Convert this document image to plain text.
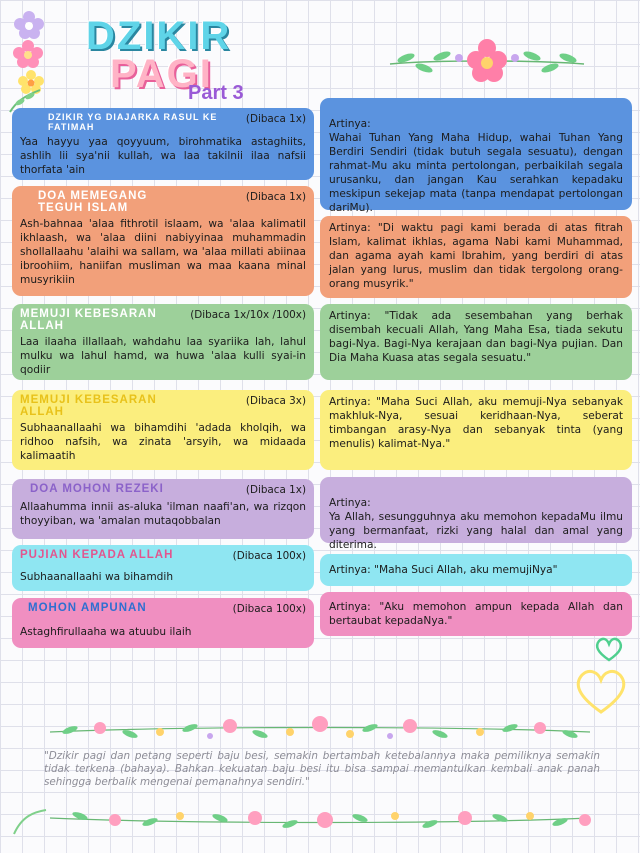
DZIKIR
PAGI
Part 3
DZIKIR YG DIAJARKA RASUL KE FATIMAH
(Dibaca 1x)
Yaa hayyu yaa qoyyuum, birohmatika astaghiits, ashlih lii sya'nii kullah, wa laa takilnii ilaa nafsii thorfata 'ain
DOA MEMEGANG TEGUH ISLAM
(Dibaca 1x)
Ash-bahnaa 'alaa fithrotil islaam, wa 'alaa kalimatil ikhlaash, wa 'alaa diini nabiyyinaa muhammadin shollallaahu 'alaihi wa sallam, wa 'alaa millati abiinaa ibroohiim, haniifan musliman wa maa kaana minal musyrikiin
MEMUJI KEBESARAN ALLAH
(Dibaca 1x/10x /100x)
Laa ilaaha illallaah, wahdahu laa syariika lah, lahul mulku wa lahul hamd, wa huwa 'alaa kulli syai-in qodiir
MEMUJI KEBESARAN ALLAH
(Dibaca 3x)
Subhaanallaahi wa bihamdihi 'adada kholqih, wa ridhoo nafsih, wa zinata 'arsyih, wa midaada kalimaatih
DOA MOHON REZEKI	(Dibaca 1x)
Allaahumma innii as-aluka 'ilman naafi'an, wa rizqon thoyyiban, wa 'amalan mutaqobbalan
PUJIAN KEPADA ALLAH	(Dibaca 100x)
Subhaanallaahi wa bihamdih
MOHON AMPUNAN	(Dibaca 100x)
Astaghfirullaaha wa atuubu ilaih

Artinya:
Wahai Tuhan Yang Maha Hidup, wahai Tuhan Yang Berdiri Sendiri (tidak butuh segala sesuatu), dengan rahmat-Mu aku minta pertolongan, perbaikilah segala urusanku, dan jangan Kau serahkan kepadaku meskipun sekejap mata (tanpa mendapat pertolongan dariMu).

Artinya: "Di waktu pagi kami berada di atas fitrah Islam, kalimat ikhlas, agama Nabi kami Muhammad, dan agama ayah kami Ibrahim, yang berdiri di atas jalan yang lurus, muslim dan tidak tergolong orang-orang musyrik."
Artinya: "Tidak ada sesembahan yang berhak disembah kecuali Allah, Yang Maha Esa, tiada sekutu bagi-Nya. Bagi-Nya kerajaan dan bagi-Nya pujian. Dan Dia Maha Kuasa atas segala sesuatu."
Artinya: "Maha Suci Allah, aku memuji-Nya sebanyak makhluk-Nya, sesuai keridhaan-Nya, seberat timbangan arasy-Nya dan sebanyak tinta (yang menulis) kalimat-Nya."

Artinya:
Ya Allah, sesungguhnya aku memohon kepadaMu ilmu yang bermanfaat, rizki yang halal dan amal yang diterima.

Artinya: "Maha Suci Allah, aku memujiNya"
Artinya: "Aku memohon ampun kepada Allah dan bertaubat kepadaNya."
"Dzikir pagi dan petang seperti baju besi, semakin bertambah ketebalannya maka pemiliknya semakin tidak terkena (bahaya). Bahkan kekuatan baju besi itu bisa sampai memantulkan kembali anak panah sehingga berbalik mengenai pemanahnya sendiri."
